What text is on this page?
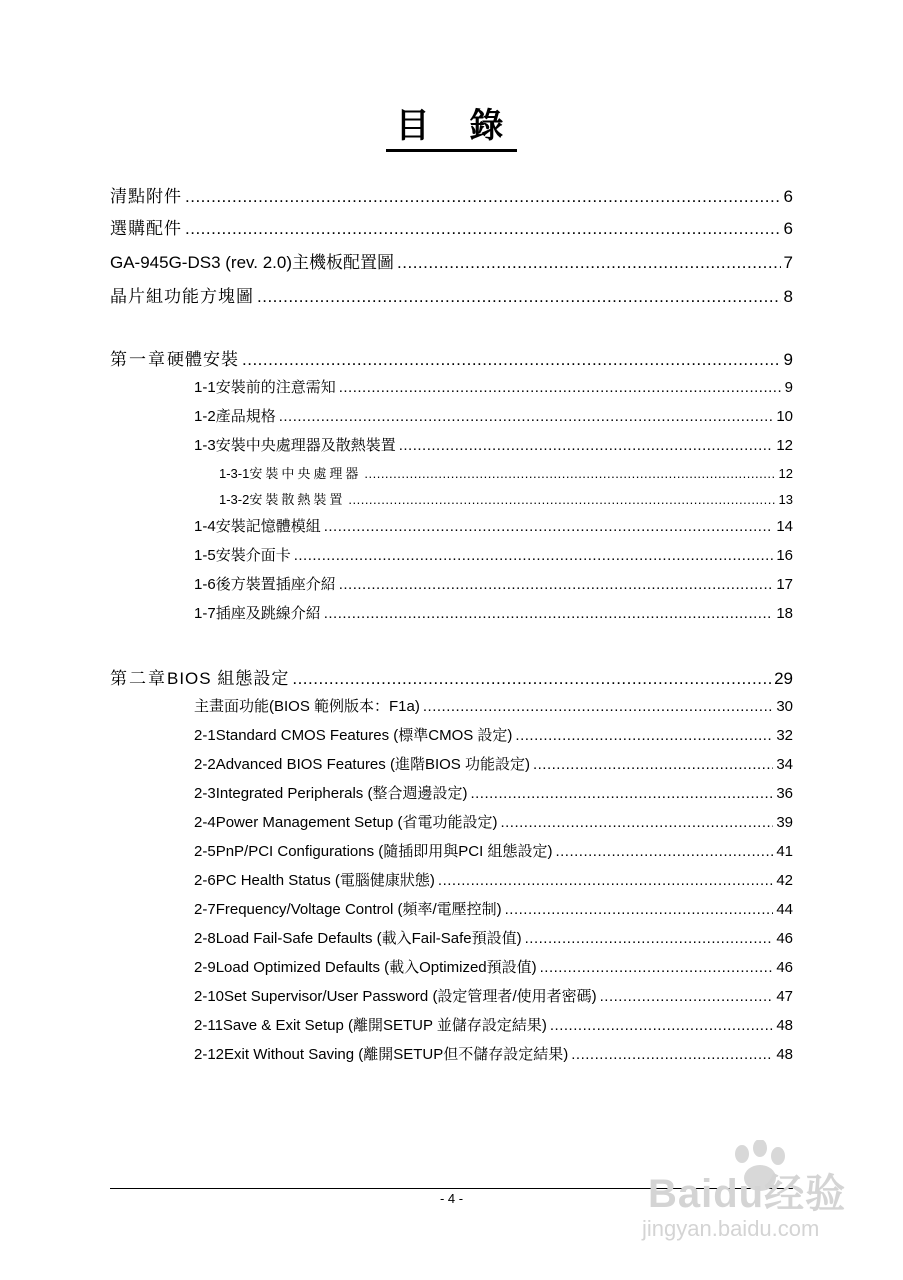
目 錄
清點附件 .....	6
選購配件 .....	6
GA-945G-DS3 (rev. 2.0)主機板配置圖 .....	7
晶片組功能方塊圖 .....	8
第一章 硬體安裝 .....	9
1-1 安裝前的注意需知 .....	9
1-2 產品規格 .....	10
1-3 安裝中央處理器及散熱裝置 .....	12
1-3-1 安裝中央處理器 .....	12
1-3-2 安裝散熱裝置 .....	13
1-4 安裝記憶體模組 .....	14
1-5 安裝介面卡 .....	16
1-6 後方裝置插座介紹 .....	17
1-7 插座及跳線介紹 .....	18
第二章 BIOS 組態設定 .....	29
主畫面功能(BIOS 範例版本：F1a) .....	30
2-1 Standard CMOS Features (標準CMOS 設定) .....	32
2-2 Advanced BIOS Features (進階BIOS 功能設定) .....	34
2-3 Integrated Peripherals (整合週邊設定) .....	36
2-4 Power Management Setup (省電功能設定) .....	39
2-5 PnP/PCI Configurations (隨插即用與PCI 組態設定) .....	41
2-6 PC Health Status (電腦健康狀態) .....	42
2-7 Frequency/Voltage Control (頻率/電壓控制) .....	44
2-8 Load Fail-Safe Defaults (載入Fail-Safe預設值) .....	46
2-9 Load Optimized Defaults (載入Optimized預設值) .....	46
2-10 Set Supervisor/User Password (設定管理者/使用者密碼) .....	47
2-11 Save & Exit Setup (離開SETUP 並儲存設定結果) .....	48
2-12 Exit Without Saving (離開SETUP但不儲存設定結果) .....	48
- 4 -	Baidu经验
jingyan.baidu.com
